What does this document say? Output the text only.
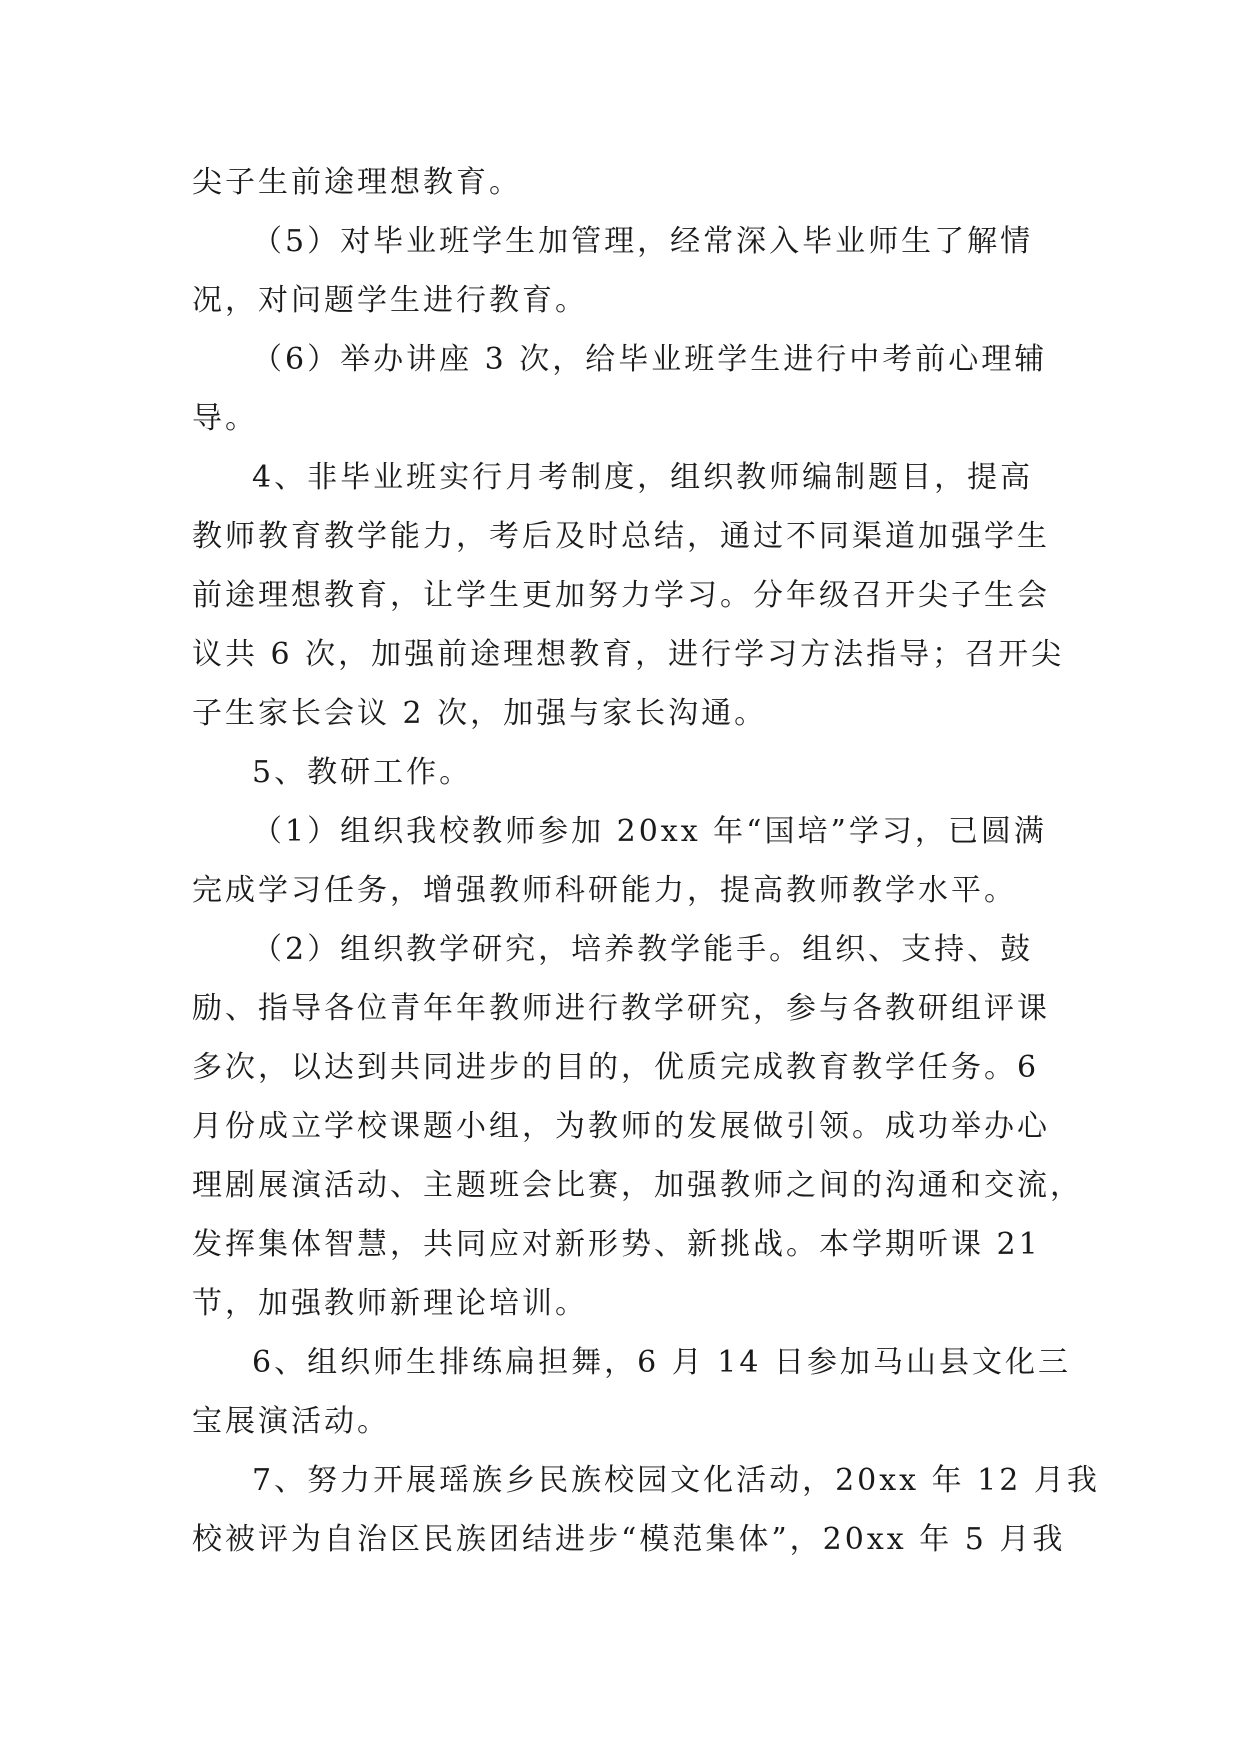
尖子生前途理想教育。
（5）对毕业班学生加管理，经常深入毕业师生了解情
况，对问题学生进行教育。
（6）举办讲座 3 次，给毕业班学生进行中考前心理辅
导。
4、非毕业班实行月考制度，组织教师编制题目，提高
教师教育教学能力，考后及时总结，通过不同渠道加强学生
前途理想教育，让学生更加努力学习。分年级召开尖子生会
议共 6 次，加强前途理想教育，进行学习方法指导；召开尖
子生家长会议 2 次，加强与家长沟通。
5、教研工作。
（1）组织我校教师参加 20xx 年“国培”学习，已圆满
完成学习任务，增强教师科研能力，提高教师教学水平。
（2）组织教学研究，培养教学能手。组织、支持、鼓
励、指导各位青年年教师进行教学研究，参与各教研组评课
多次，以达到共同进步的目的，优质完成教育教学任务。6
月份成立学校课题小组，为教师的发展做引领。成功举办心
理剧展演活动、主题班会比赛，加强教师之间的沟通和交流，
发挥集体智慧，共同应对新形势、新挑战。本学期听课 21
节，加强教师新理论培训。
6、组织师生排练扁担舞，6 月 14 日参加马山县文化三
宝展演活动。
7、努力开展瑶族乡民族校园文化活动，20xx 年 12 月我
校被评为自治区民族团结进步“模范集体”，20xx 年 5 月我
